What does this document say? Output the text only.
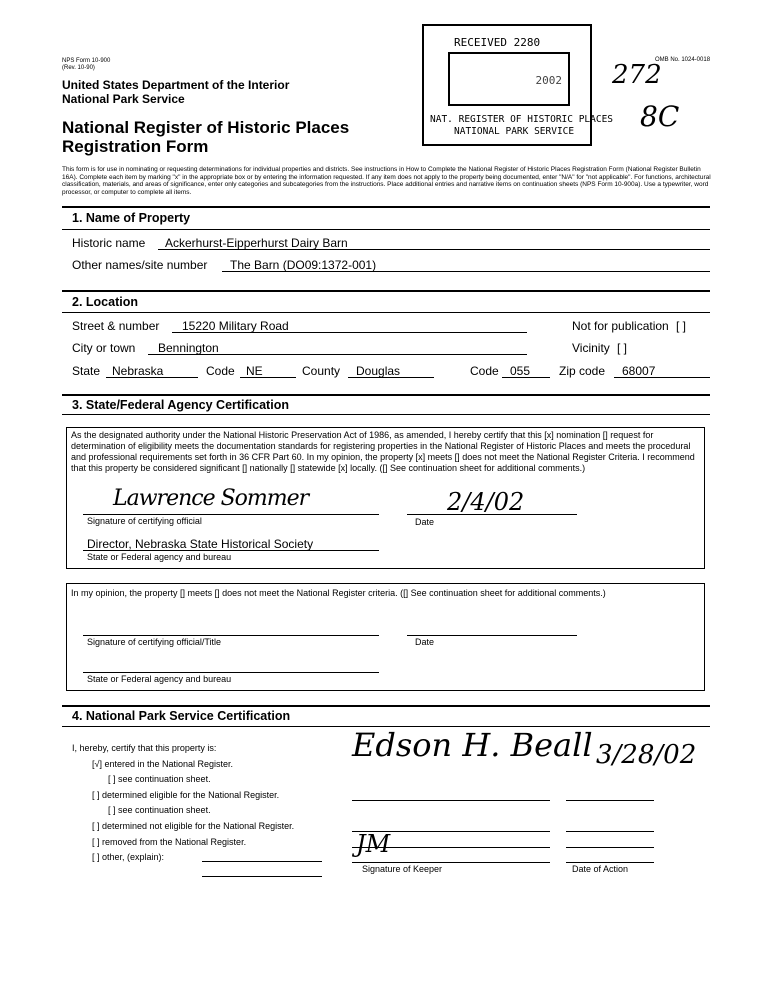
NPS Form 10-900
(Rev. 10-90)
OMB No. 1024-0018
United States Department of the Interior
National Park Service
National Register of Historic Places
Registration Form
RECEIVED 2280
2002
NAT. REGISTER OF HISTORIC PLACES
NATIONAL PARK SERVICE
272
8C
This form is for use in nominating or requesting determinations for individual properties and districts. See instructions in How to Complete the National Register of Historic Places Registration Form (National Register Bulletin 16A). Complete each item by marking "x" in the appropriate box or by entering the information requested. If any item does not apply to the property being documented, enter "N/A" for "not applicable". For functions, architectural classification, materials, and areas of significance, enter only categories and subcategories from the instructions. Place additional entries and narrative items on continuation sheets (NPS Form 10-900a). Use a typewriter, word processor, or computer to complete all items.
1. Name of Property
Historic name Ackerhurst-Eipperhurst Dairy Barn
Other names/site number The Barn (DO09:1372-001)
2. Location
Street & number 15220 Military Road	Not for publication [ ]
City or town Bennington	Vicinity [ ]
State Nebraska	Code NE	County Douglas	Code 055 Zip code 68007
3. State/Federal Agency Certification
As the designated authority under the National Historic Preservation Act of 1986, as amended, I hereby certify that this [x] nomination [] request for determination of eligibility meets the documentation standards for registering properties in the National Register of Historic Places and meets the procedural and professional requirements set forth in 36 CFR Part 60. In my opinion, the property [x] meets [] does not meet the National Register Criteria. I recommend that this property be considered significant [] nationally [] statewide [x] locally. ([] See continuation sheet for additional comments.)
Lawrence Sommer
Signature of certifying official
2/4/02
Date
Director, Nebraska State Historical Society
State or Federal agency and bureau
In my opinion, the property [] meets [] does not meet the National Register criteria. ([] See continuation sheet for additional comments.)
Signature of certifying official/Title	Date
State or Federal agency and bureau
4. National Park Service Certification
I, hereby, certify that this property is:
[√] entered in the National Register.
[ ] see continuation sheet.
[ ] determined eligible for the National Register.
[ ] see continuation sheet.
[ ] determined not eligible for the National Register.
[ ] removed from the National Register.
[ ] other, (explain):
Edson H. Beall 3/28/02
JM
Signature of Keeper	Date of Action
